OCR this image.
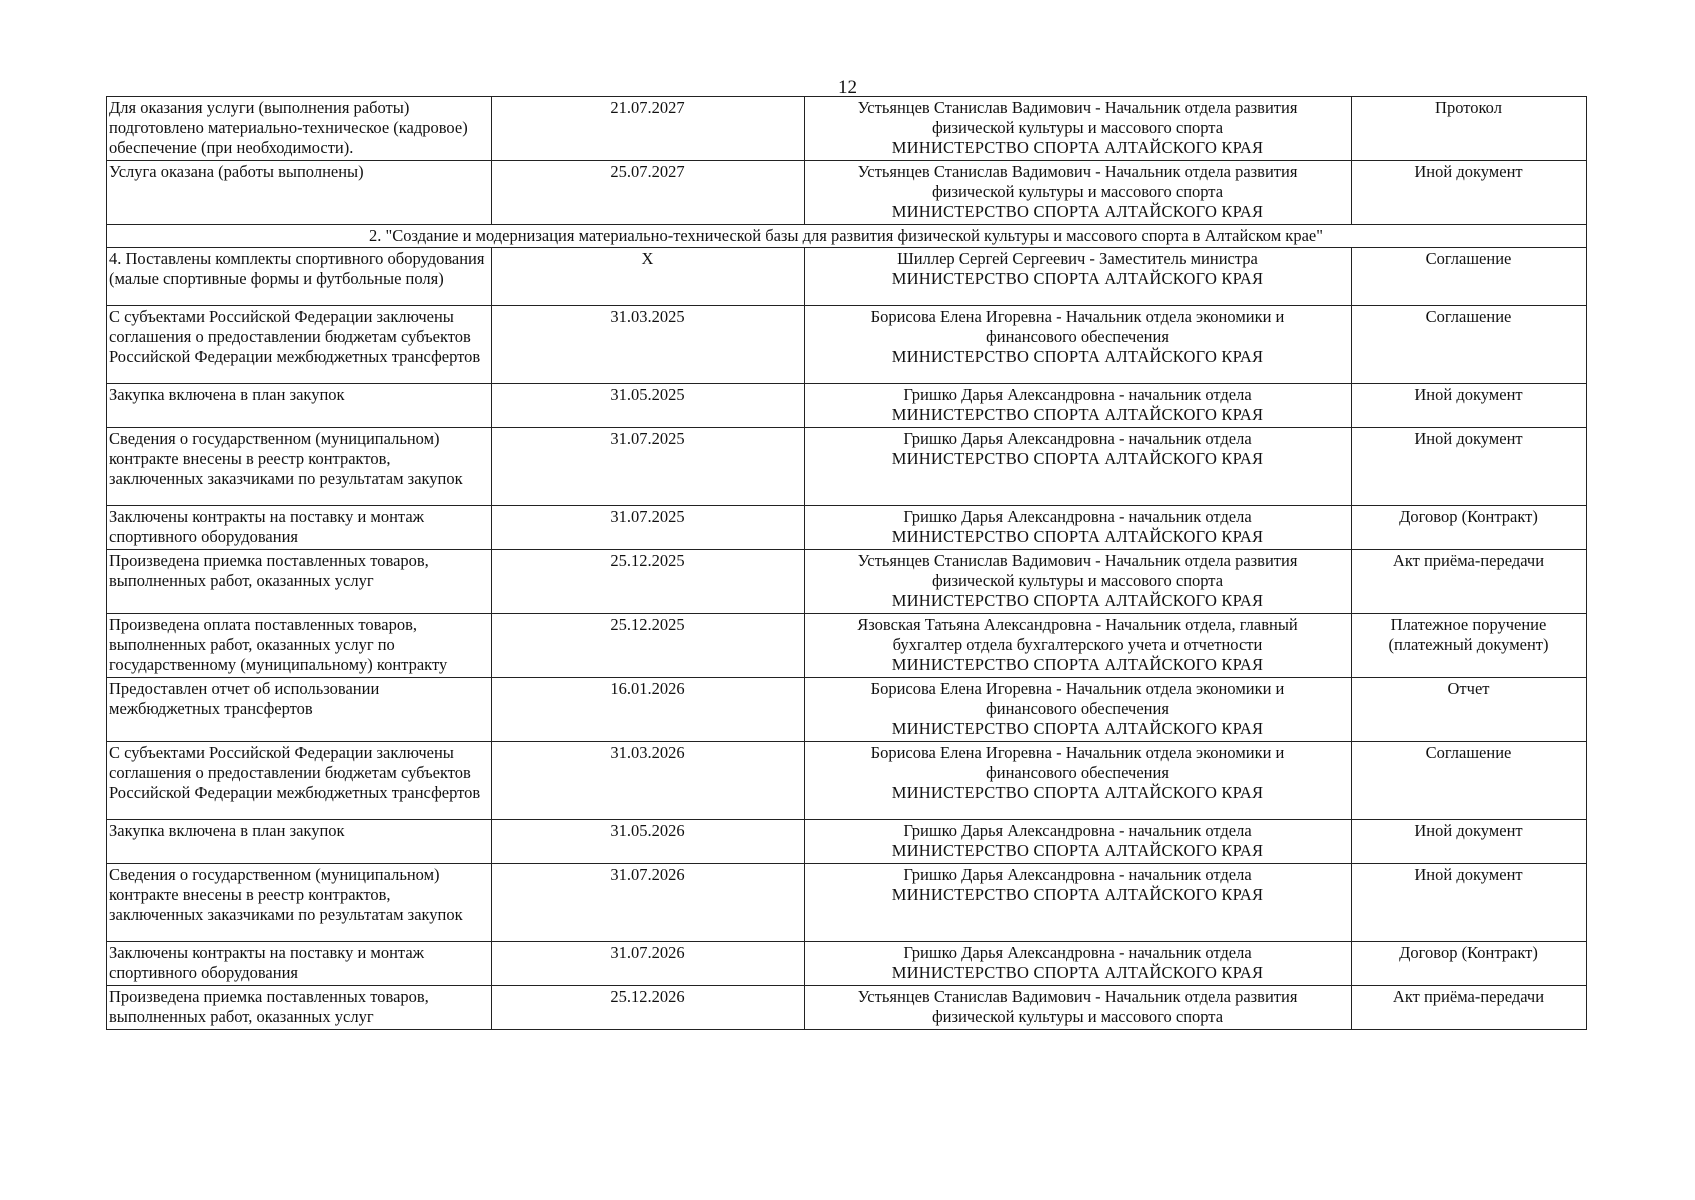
12
Для оказания услуги (выполнения работы) подготовлено материально-техническое (кадровое) обеспечение (при необходимости).	21.07.2027	Устьянцев Станислав Вадимович - Начальник отдела развития
физической культуры и массового спорта
МИНИСТЕРСТВО СПОРТА АЛТАЙСКОГО КРАЯ	Протокол
Услуга оказана (работы выполнены)	25.07.2027	Устьянцев Станислав Вадимович - Начальник отдела развития
физической культуры и массового спорта
МИНИСТЕРСТВО СПОРТА АЛТАЙСКОГО КРАЯ	Иной документ
2. "Создание и модернизация материально-технической базы для развития физической культуры и массового спорта в Алтайском крае"			
4. Поставлены комплекты спортивного оборудования (малые спортивные формы и футбольные поля)	X	Шиллер Сергей Сергеевич - Заместитель министра
МИНИСТЕРСТВО СПОРТА АЛТАЙСКОГО КРАЯ	Соглашение
С субъектами Российской Федерации заключены соглашения о предоставлении бюджетам субъектов Российской Федерации межбюджетных трансфертов	31.03.2025	Борисова Елена Игоревна - Начальник отдела экономики и
финансового обеспечения
МИНИСТЕРСТВО СПОРТА АЛТАЙСКОГО КРАЯ	Соглашение
Закупка включена в план закупок	31.05.2025	Гришко Дарья Александровна - начальник отдела
МИНИСТЕРСТВО СПОРТА АЛТАЙСКОГО КРАЯ	Иной документ
Сведения о государственном (муниципальном) контракте внесены в реестр контрактов, заключенных заказчиками по результатам закупок	31.07.2025	Гришко Дарья Александровна - начальник отдела
МИНИСТЕРСТВО СПОРТА АЛТАЙСКОГО КРАЯ	Иной документ
Заключены контракты на поставку и монтаж спортивного оборудования	31.07.2025	Гришко Дарья Александровна - начальник отдела
МИНИСТЕРСТВО СПОРТА АЛТАЙСКОГО КРАЯ	Договор (Контракт)
Произведена приемка поставленных товаров, выполненных работ, оказанных услуг	25.12.2025	Устьянцев Станислав Вадимович - Начальник отдела развития
физической культуры и массового спорта
МИНИСТЕРСТВО СПОРТА АЛТАЙСКОГО КРАЯ	Акт приёма-передачи
Произведена оплата поставленных товаров, выполненных работ, оказанных услуг по государственному (муниципальному) контракту	25.12.2025	Язовская Татьяна Александровна - Начальник отдела, главный
бухгалтер отдела бухгалтерского учета и отчетности
МИНИСТЕРСТВО СПОРТА АЛТАЙСКОГО КРАЯ	Платежное поручение (платежный документ)
Предоставлен отчет об использовании межбюджетных трансфертов	16.01.2026	Борисова Елена Игоревна - Начальник отдела экономики и
финансового обеспечения
МИНИСТЕРСТВО СПОРТА АЛТАЙСКОГО КРАЯ	Отчет
С субъектами Российской Федерации заключены соглашения о предоставлении бюджетам субъектов Российской Федерации межбюджетных трансфертов	31.03.2026	Борисова Елена Игоревна - Начальник отдела экономики и
финансового обеспечения
МИНИСТЕРСТВО СПОРТА АЛТАЙСКОГО КРАЯ	Соглашение
Закупка включена в план закупок	31.05.2026	Гришко Дарья Александровна - начальник отдела
МИНИСТЕРСТВО СПОРТА АЛТАЙСКОГО КРАЯ	Иной документ
Сведения о государственном (муниципальном) контракте внесены в реестр контрактов, заключенных заказчиками по результатам закупок	31.07.2026	Гришко Дарья Александровна - начальник отдела
МИНИСТЕРСТВО СПОРТА АЛТАЙСКОГО КРАЯ	Иной документ
Заключены контракты на поставку и монтаж спортивного оборудования	31.07.2026	Гришко Дарья Александровна - начальник отдела
МИНИСТЕРСТВО СПОРТА АЛТАЙСКОГО КРАЯ	Договор (Контракт)
Произведена приемка поставленных товаров, выполненных работ, оказанных услуг	25.12.2026	Устьянцев Станислав Вадимович - Начальник отдела развития
физической культуры и массового спорта	Акт приёма-передачи
